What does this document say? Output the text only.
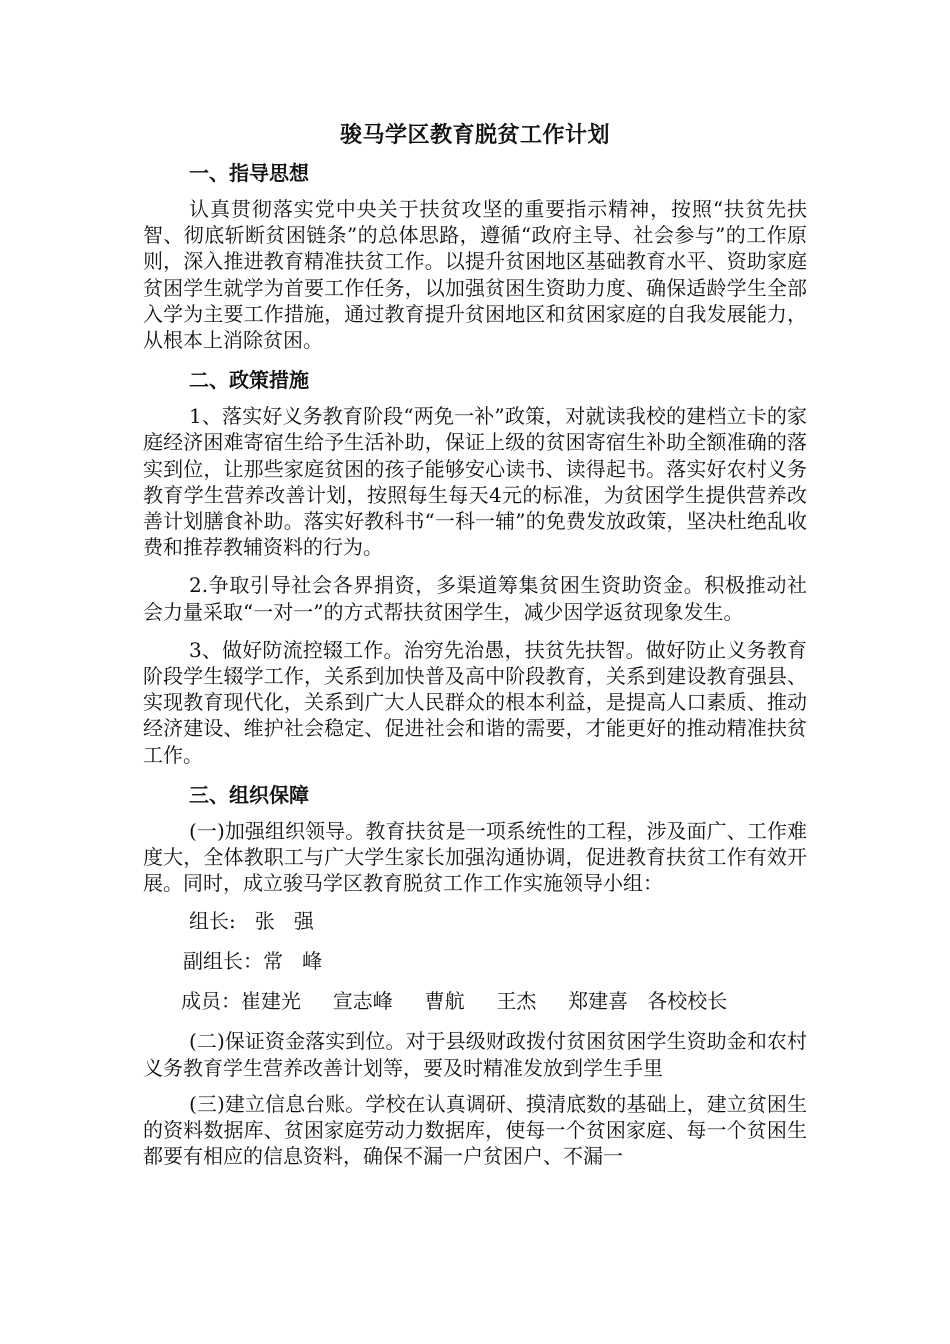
骏马学区教育脱贫工作计划
一、指导思想

认真贯彻落实党中央关于扶贫攻坚的重要指示精神，按照“扶贫先扶智、彻底斩断贫困链条”的总体思路，遵循“政府主导、社会参与”的工作原则，深入推进教育精准扶贫工作。以提升贫困地区基础教育水平、资助家庭贫困学生就学为首要工作任务，以加强贫困生资助力度、确保适龄学生全部入学为主要工作措施，通过教育提升贫困地区和贫困家庭的自我发展能力，从根本上消除贫困。

二、政策措施

1、落实好义务教育阶段“两免一补”政策，对就读我校的建档立卡的家庭经济困难寄宿生给予生活补助，保证上级的贫困寄宿生补助全额准确的落实到位，让那些家庭贫困的孩子能够安心读书、读得起书。落实好农村义务教育学生营养改善计划，按照每生每天4元的标准，为贫困学生提供营养改善计划膳食补助。落实好教科书“一科一辅”的免费发放政策，坚决杜绝乱收费和推荐教辅资料的行为。

2.争取引导社会各界捐资，多渠道筹集贫困生资助资金。积极推动社会力量采取“一对一”的方式帮扶贫困学生，减少因学返贫现象发生。

3、做好防流控辍工作。治穷先治愚，扶贫先扶智。做好防止义务教育阶段学生辍学工作，关系到加快普及高中阶段教育，关系到建设教育强县、实现教育现代化，关系到广大人民群众的根本利益，是提高人口素质、推动经济建设、维护社会稳定、促进社会和谐的需要，才能更好的推动精准扶贫工作。

三、组织保障

(一)加强组织领导。教育扶贫是一项系统性的工程，涉及面广、工作难度大，全体教职工与广大学生家长加强沟通协调，促进教育扶贫工作有效开展。同时，成立骏马学区教育脱贫工作工作实施领导小组：

组长:   张   强
副组长：常   峰
成员：崔建光     宣志峰     曹航     王杰     郑建喜   各校校长

(二)保证资金落实到位。对于县级财政拨付贫困贫困学生资助金和农村义务教育学生营养改善计划等，要及时精准发放到学生手里

(三)建立信息台账。学校在认真调研、摸清底数的基础上，建立贫困生的资料数据库、贫困家庭劳动力数据库，使每一个贫困家庭、每一个贫困生都要有相应的信息资料，确保不漏一户贫困户、不漏一
